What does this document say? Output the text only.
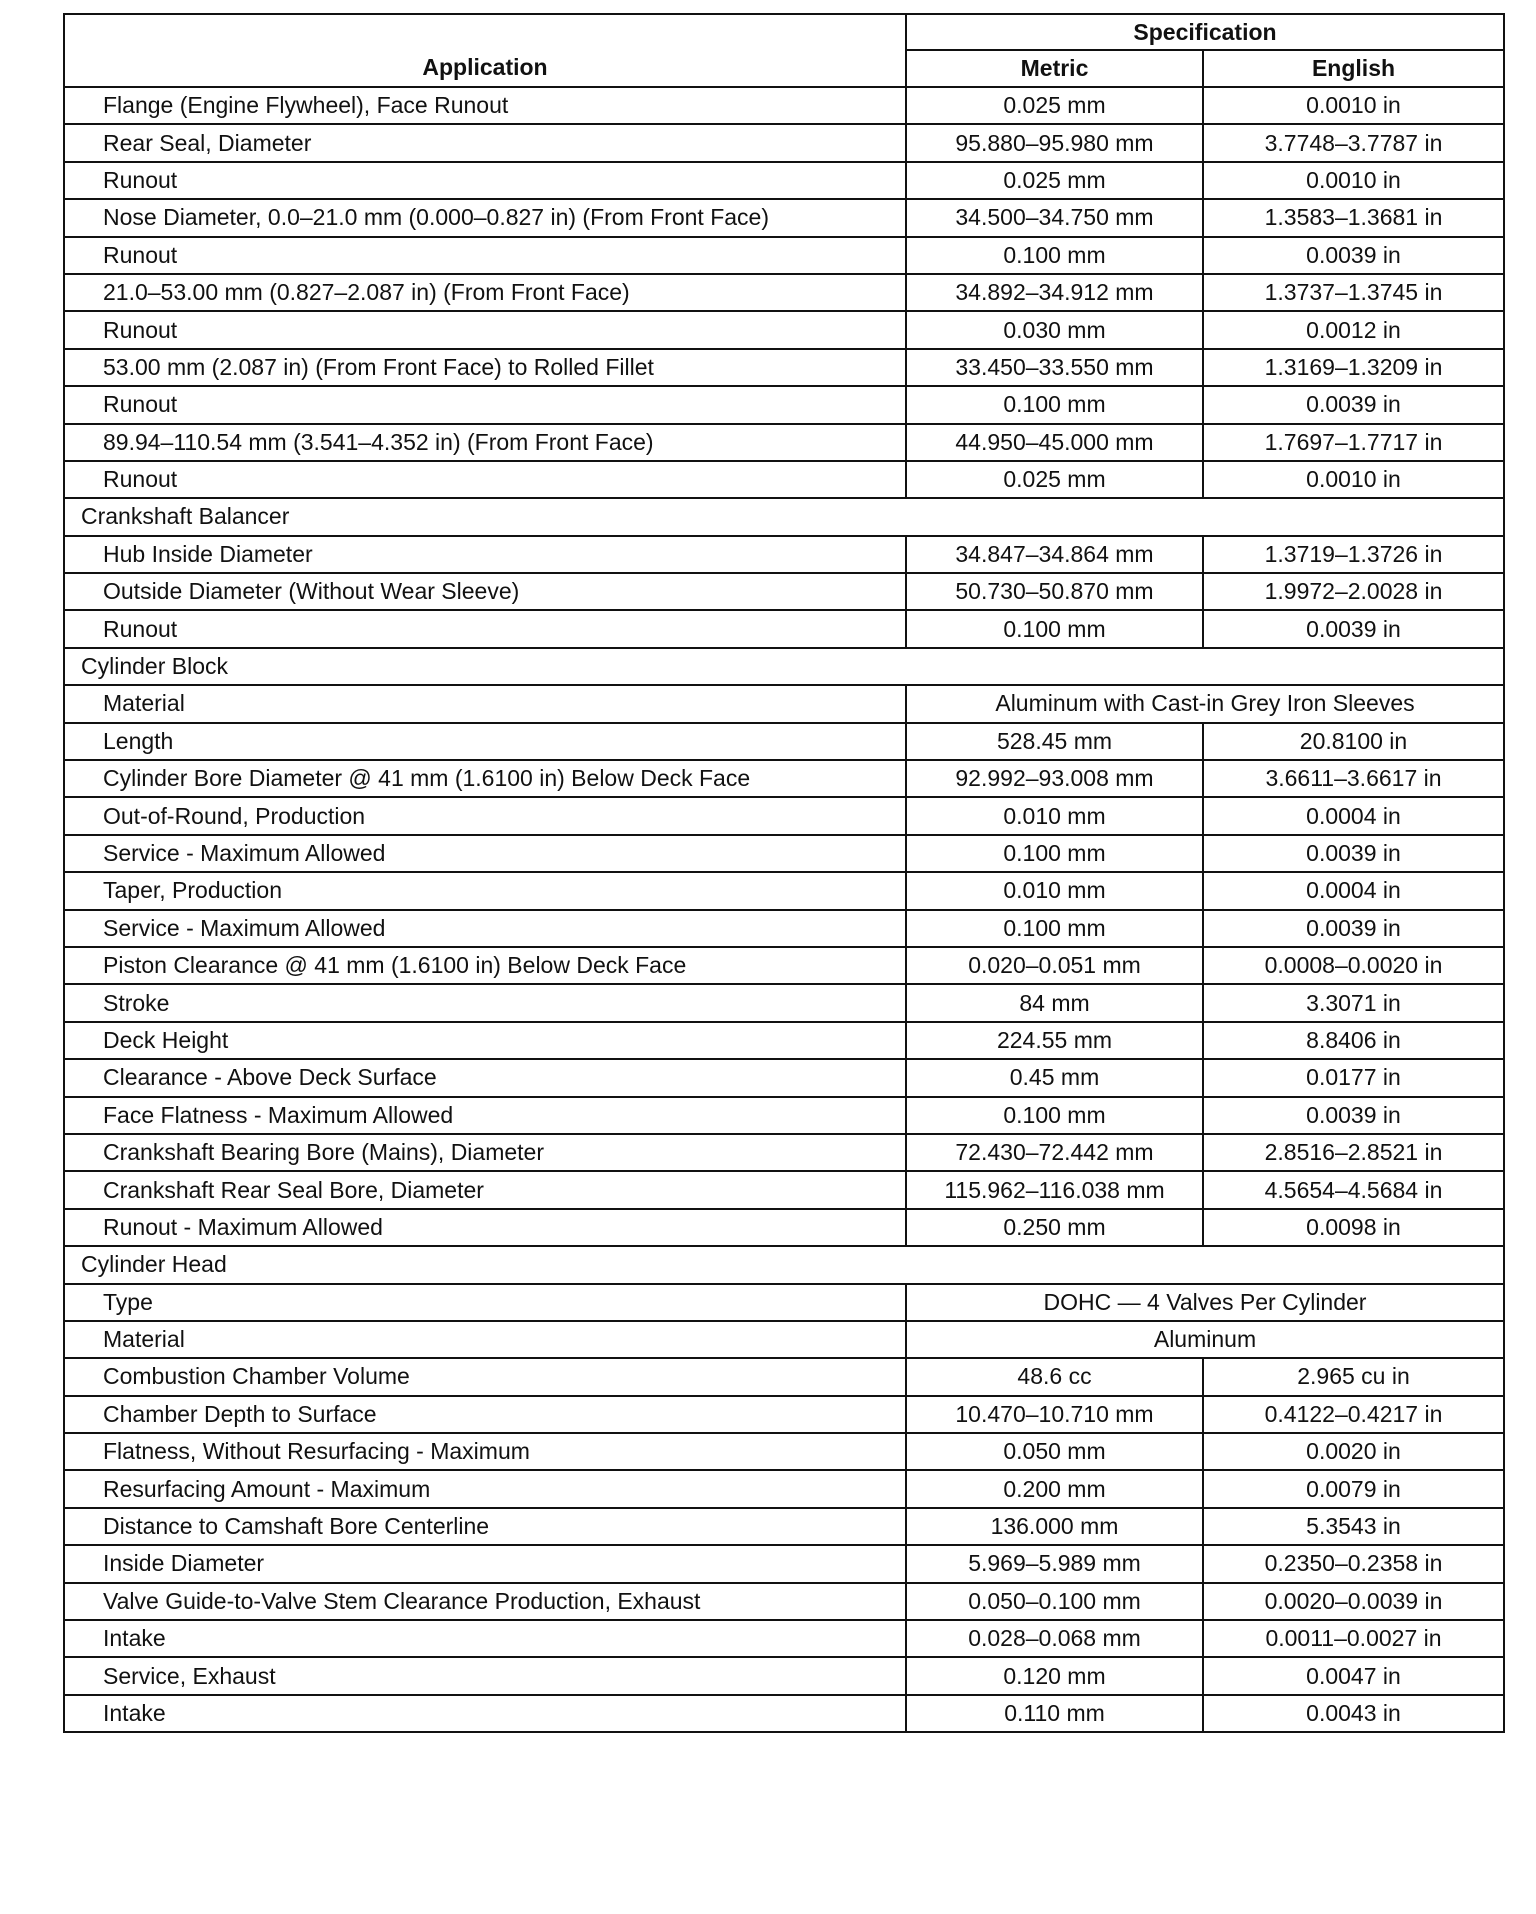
Application	Specification	
	Metric	English
Flange (Engine Flywheel), Face Runout	0.025 mm	0.0010 in
Rear Seal, Diameter	95.880–95.980 mm	3.7748–3.7787 in
Runout	0.025 mm	0.0010 in
Nose Diameter, 0.0–21.0 mm (0.000–0.827 in) (From Front Face)	34.500–34.750 mm	1.3583–1.3681 in
Runout	0.100 mm	0.0039 in
21.0–53.00 mm (0.827–2.087 in) (From Front Face)	34.892–34.912 mm	1.3737–1.3745 in
Runout	0.030 mm	0.0012 in
53.00 mm (2.087 in) (From Front Face) to Rolled Fillet	33.450–33.550 mm	1.3169–1.3209 in
Runout	0.100 mm	0.0039 in
89.94–110.54 mm (3.541–4.352 in) (From Front Face)	44.950–45.000 mm	1.7697–1.7717 in
Runout	0.025 mm	0.0010 in
Crankshaft Balancer		
Hub Inside Diameter	34.847–34.864 mm	1.3719–1.3726 in
Outside Diameter (Without Wear Sleeve)	50.730–50.870 mm	1.9972–2.0028 in
Runout	0.100 mm	0.0039 in
Cylinder Block		
Material	Aluminum with Cast-in Grey Iron Sleeves	
Length	528.45 mm	20.8100 in
Cylinder Bore Diameter @ 41 mm (1.6100 in) Below Deck Face	92.992–93.008 mm	3.6611–3.6617 in
Out-of-Round, Production	0.010 mm	0.0004 in
Service - Maximum Allowed	0.100 mm	0.0039 in
Taper, Production	0.010 mm	0.0004 in
Service - Maximum Allowed	0.100 mm	0.0039 in
Piston Clearance @ 41 mm (1.6100 in) Below Deck Face	0.020–0.051 mm	0.0008–0.0020 in
Stroke	84 mm	3.3071 in
Deck Height	224.55 mm	8.8406 in
Clearance - Above Deck Surface	0.45 mm	0.0177 in
Face Flatness - Maximum Allowed	0.100 mm	0.0039 in
Crankshaft Bearing Bore (Mains), Diameter	72.430–72.442 mm	2.8516–2.8521 in
Crankshaft Rear Seal Bore, Diameter	115.962–116.038 mm	4.5654–4.5684 in
Runout - Maximum Allowed	0.250 mm	0.0098 in
Cylinder Head		
Type	DOHC — 4 Valves Per Cylinder	
Material	Aluminum	
Combustion Chamber Volume	48.6 cc	2.965 cu in
Chamber Depth to Surface	10.470–10.710 mm	0.4122–0.4217 in
Flatness, Without Resurfacing - Maximum	0.050 mm	0.0020 in
Resurfacing Amount - Maximum	0.200 mm	0.0079 in
Distance to Camshaft Bore Centerline	136.000 mm	5.3543 in
Inside Diameter	5.969–5.989 mm	0.2350–0.2358 in
Valve Guide-to-Valve Stem Clearance Production, Exhaust	0.050–0.100 mm	0.0020–0.0039 in
Intake	0.028–0.068 mm	0.0011–0.0027 in
Service, Exhaust	0.120 mm	0.0047 in
Intake	0.110 mm	0.0043 in
